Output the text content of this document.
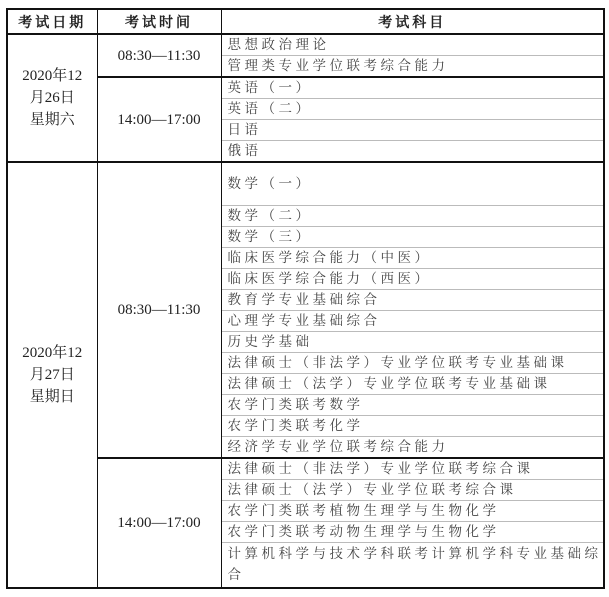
考试日期	考试时间	考试科目
2020年12
月26日
星期六	08:30—11:30	思想政治理论
		管理类专业学位联考综合能力
	14:00—17:00	英语（一）
		英语（二）
		日语
		俄语
2020年12
月27日
星期日	08:30—11:30	数学（一）
		数学（二）
		数学（三）
		临床医学综合能力（中医）
		临床医学综合能力（西医）
		教育学专业基础综合
		心理学专业基础综合
		历史学基础
		法律硕士（非法学）专业学位联考专业基础课
		法律硕士（法学）专业学位联考专业基础课
		农学门类联考数学
		农学门类联考化学
		经济学专业学位联考综合能力
	14:00—17:00	法律硕士（非法学）专业学位联考综合课
		法律硕士（法学）专业学位联考综合课
		农学门类联考植物生理学与生物化学
		农学门类联考动物生理学与生物化学
		计算机科学与技术学科联考计算机学科专业基础综合
